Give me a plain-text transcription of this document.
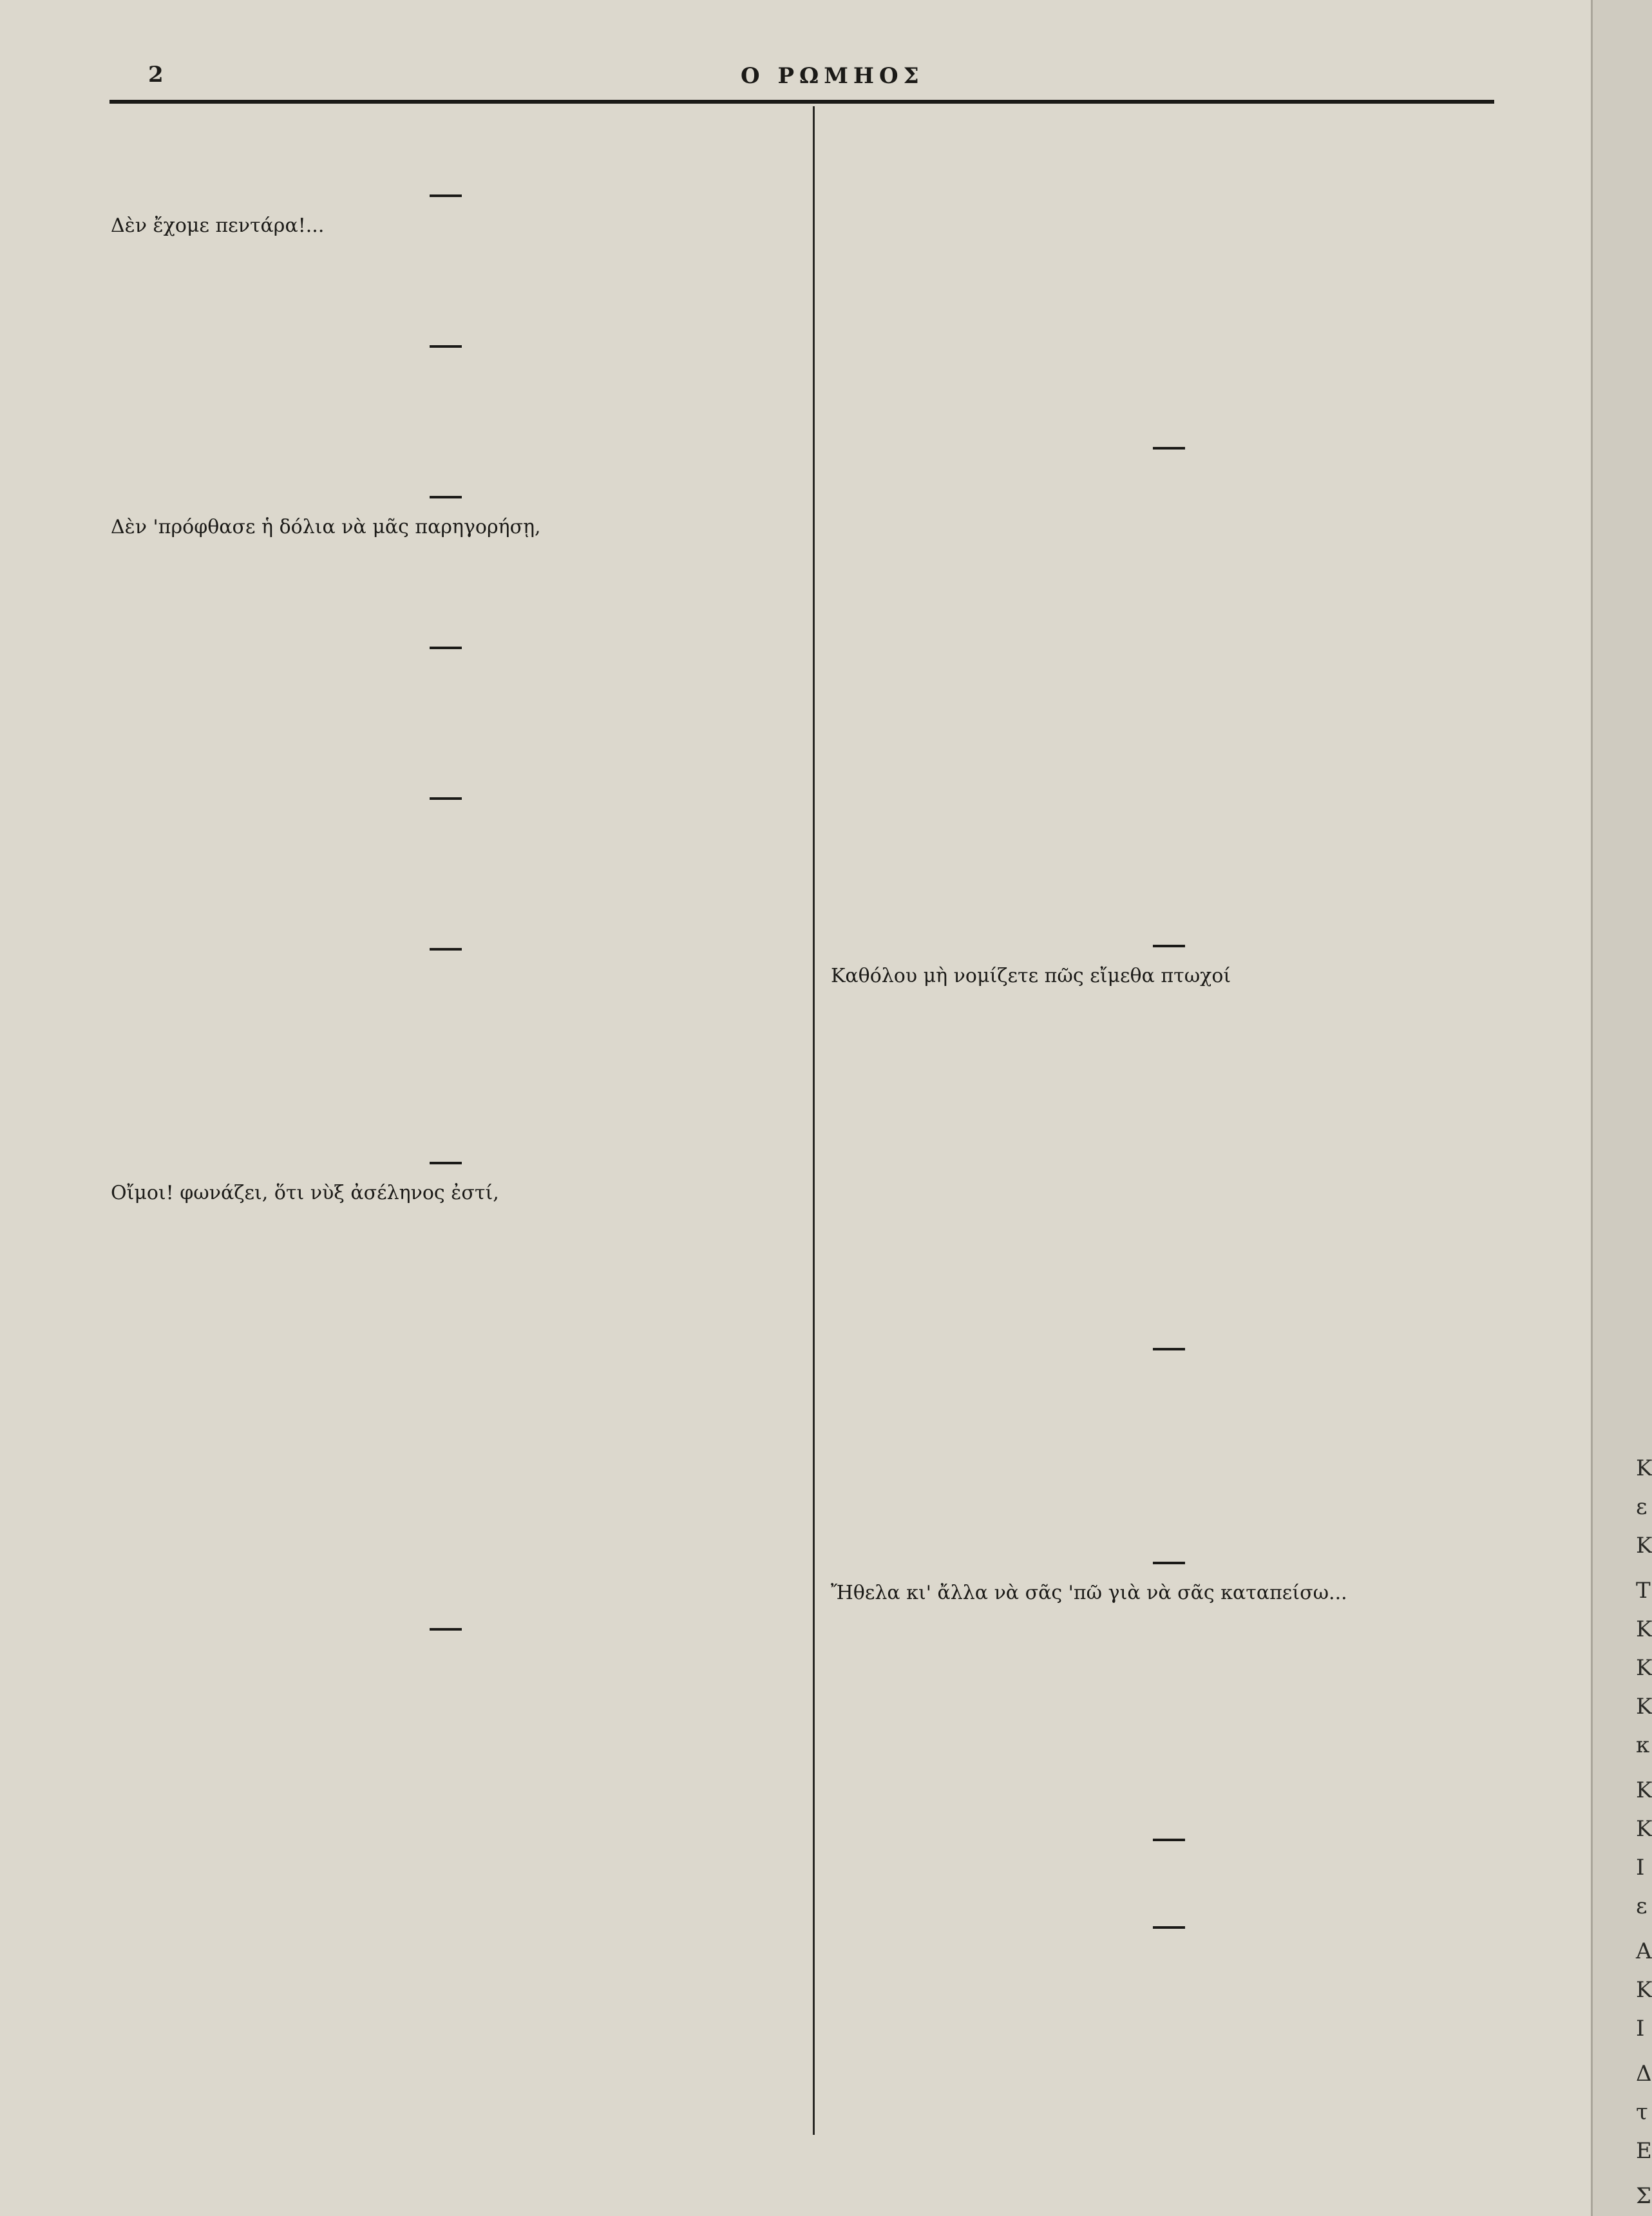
2	Ο ΡΩΜΗΟΣ
Δὲν ἔχομε πεντάρα!...
Δὲν 'πρόφθασε ἡ δόλια νὰ μᾶς παρηγορήσῃ,
Οἴμοι! φωνάζει, ὅτι νὺξ ἀσέληνος ἐστί,
Καθόλου μὴ νομίζετε πῶς εἴμεθα πτωχοί
Ἤθελα κι' ἄλλα νὰ σᾶς 'πῶ γιὰ νὰ σᾶς καταπείσω...
Κ
ε
Κ
Τ
Κ
Κ
Κ
κ
Κ
Κ
Ι
ε
Α
Κ
Ι
Δ
τ
Ε
Σ
